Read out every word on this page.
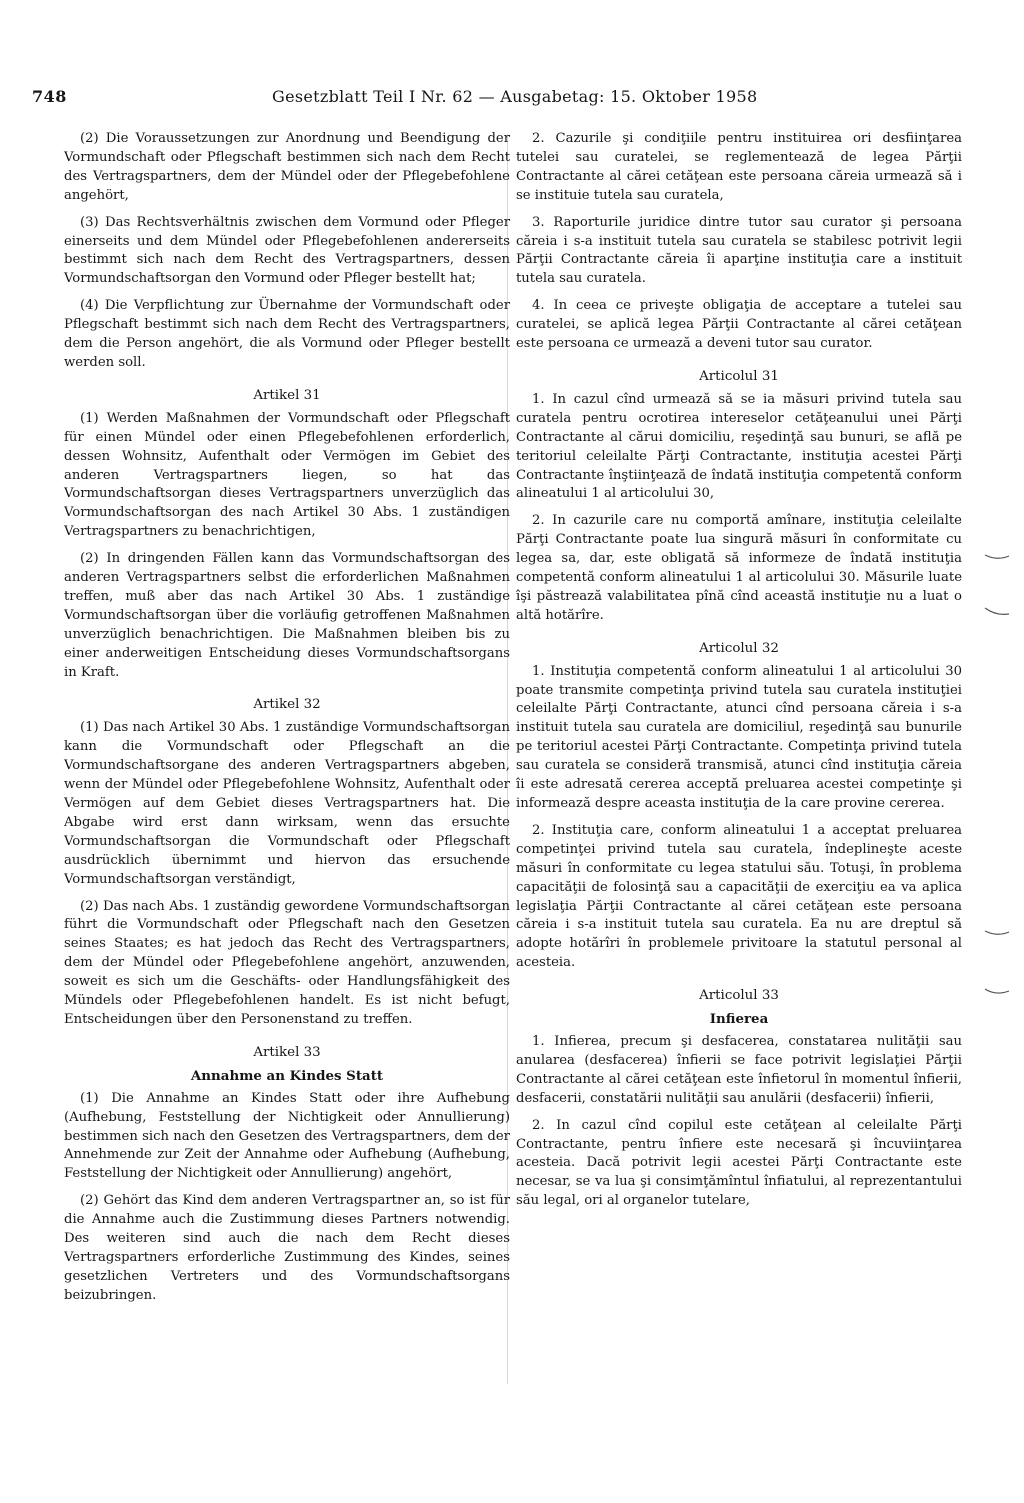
748	Gesetzblatt Teil I Nr. 62 — Ausgabetag: 15. Oktober 1958

(2) Die Voraussetzungen zur Anordnung und Beendigung der Vormundschaft oder Pflegschaft bestimmen sich nach dem Recht des Vertragspartners, dem der Mündel oder der Pflegebefohlene angehört,

(3) Das Rechtsverhältnis zwischen dem Vormund oder Pfleger einerseits und dem Mündel oder Pflegebefohlenen andererseits bestimmt sich nach dem Recht des Vertragspartners, dessen Vormundschaftsorgan den Vormund oder Pfleger bestellt hat;

(4) Die Verpflichtung zur Übernahme der Vormundschaft oder Pflegschaft bestimmt sich nach dem Recht des Vertragspartners, dem die Person angehört, die als Vormund oder Pfleger bestellt werden soll.

Artikel 31

(1) Werden Maßnahmen der Vormundschaft oder Pflegschaft für einen Mündel oder einen Pflegebefohlenen erforderlich, dessen Wohnsitz, Aufenthalt oder Vermögen im Gebiet des anderen Vertragspartners liegen, so hat das Vormundschaftsorgan dieses Vertragspartners unverzüglich das Vormundschaftsorgan des nach Artikel 30 Abs. 1 zuständigen Vertragspartners zu benachrichtigen,

(2) In dringenden Fällen kann das Vormundschaftsorgan des anderen Vertragspartners selbst die erforderlichen Maßnahmen treffen, muß aber das nach Artikel 30 Abs. 1 zuständige Vormundschaftsorgan über die vorläufig getroffenen Maßnahmen unverzüglich benachrichtigen. Die Maßnahmen bleiben bis zu einer anderweitigen Entscheidung dieses Vormundschaftsorgans in Kraft.

Artikel 32

(1) Das nach Artikel 30 Abs. 1 zuständige Vormundschaftsorgan kann die Vormundschaft oder Pflegschaft an die Vormundschaftsorgane des anderen Vertragspartners abgeben, wenn der Mündel oder Pflegebefohlene Wohnsitz, Aufenthalt oder Vermögen auf dem Gebiet dieses Vertragspartners hat. Die Abgabe wird erst dann wirksam, wenn das ersuchte Vormundschaftsorgan die Vormundschaft oder Pflegschaft ausdrücklich übernimmt und hiervon das ersuchende Vormundschaftsorgan verständigt,

(2) Das nach Abs. 1 zuständig gewordene Vormundschaftsorgan führt die Vormundschaft oder Pflegschaft nach den Gesetzen seines Staates; es hat jedoch das Recht des Vertragspartners, dem der Mündel oder Pflegebefohlene angehört, anzuwenden, soweit es sich um die Geschäfts- oder Handlungsfähigkeit des Mündels oder Pflegebefohlenen handelt. Es ist nicht befugt, Entscheidungen über den Personenstand zu treffen.

Artikel 33
Annahme an Kindes Statt

(1) Die Annahme an Kindes Statt oder ihre Aufhebung (Aufhebung, Feststellung der Nichtigkeit oder Annullierung) bestimmen sich nach den Gesetzen des Vertragspartners, dem der Annehmende zur Zeit der Annahme oder Aufhebung (Aufhebung, Feststellung der Nichtigkeit oder Annullierung) angehört,

(2) Gehört das Kind dem anderen Vertragspartner an, so ist für die Annahme auch die Zustimmung dieses Partners notwendig. Des weiteren sind auch die nach dem Recht dieses Vertragspartners erforderliche Zustimmung des Kindes, seines gesetzlichen Vertreters und des Vormundschaftsorgans beizubringen.

2. Cazurile şi condiţiile pentru instituirea ori desfiinţarea tutelei sau curatelei, se reglementează de legea Părţii Contractante al cărei cetăţean este persoana căreia urmează să i se instituie tutela sau curatela,

3. Raporturile juridice dintre tutor sau curator şi persoana căreia i s-a instituit tutela sau curatela se stabilesc potrivit legii Părţii Contractante căreia îi aparţine instituţia care a instituit tutela sau curatela.

4. In ceea ce priveşte obligaţia de acceptare a tutelei sau curatelei, se aplică legea Părţii Contractante al cărei cetăţean este persoana ce urmează a deveni tutor sau curator.

Articolul 31

1. In cazul cînd urmează să se ia măsuri privind tutela sau curatela pentru ocrotirea intereselor cetăţeanului unei Părţi Contractante al cărui domiciliu, reşedinţă sau bunuri, se află pe teritoriul celeilalte Părţi Contractante, instituţia acestei Părţi Contractante înştiinţează de îndată instituţia competentă conform alineatului 1 al articolului 30,

2. In cazurile care nu comportă amînare, instituţia celeilalte Părţi Contractante poate lua singură măsuri în conformitate cu legea sa, dar, este obligată să informeze de îndată instituţia competentă conform alineatului 1 al articolului 30. Măsurile luate îşi păstrează valabilitatea pînă cînd această instituţie nu a luat o altă hotărîre.

Articolul 32

1. Instituţia competentă conform alineatului 1 al articolului 30 poate transmite competinţa privind tutela sau curatela instituţiei celeilalte Părţi Contractante, atunci cînd persoana căreia i s-a instituit tutela sau curatela are domiciliul, reşedinţă sau bunurile pe teritoriul acestei Părţi Contractante. Competinţa privind tutela sau curatela se consideră transmisă, atunci cînd instituţia căreia îi este adresată cererea acceptă preluarea acestei competinţe şi informează despre aceasta instituţia de la care provine cererea.

2. Instituţia care, conform alineatului 1 a acceptat preluarea competinţei privind tutela sau curatela, îndeplineşte aceste măsuri în conformitate cu legea statului său. Totuşi, în problema capacităţii de folosinţă sau a capacităţii de exerciţiu ea va aplica legislaţia Părţii Contractante al cărei cetăţean este persoana căreia i s-a instituit tutela sau curatela. Ea nu are dreptul să adopte hotărîri în problemele privitoare la statutul personal al acesteia.

Articolul 33
Infierea

1. Infierea, precum şi desfacerea, constatarea nulităţii sau anularea (desfacerea) înfierii se face potrivit legislaţiei Părţii Contractante al cărei cetăţean este înfietorul în momentul înfierii, desfacerii, constatării nulităţii sau anulării (desfacerii) înfierii,

2. In cazul cînd copilul este cetăţean al celeilalte Părţi Contractante, pentru înfiere este necesară şi încuviinţarea acesteia. Dacă potrivit legii acestei Părţi Contractante este necesar, se va lua şi consimţămîntul înfiatului, al reprezentantului său legal, ori al organelor tutelare,
